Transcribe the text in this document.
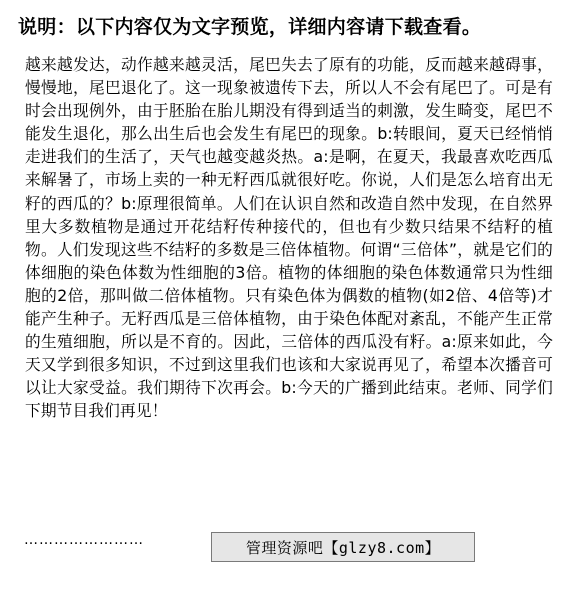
说明：以下内容仅为文字预览，详细内容请下载查看。
越来越发达，动作越来越灵活，尾巴失去了原有的功能，反而越来越碍事，慢慢地，尾巴退化了。这一现象被遗传下去，所以人不会有尾巴了。可是有时会出现例外，由于胚胎在胎儿期没有得到适当的刺激，发生畸变，尾巴不能发生退化，那么出生后也会发生有尾巴的现象。b:转眼间，夏天已经悄悄走进我们的生活了，天气也越变越炎热。a:是啊，在夏天，我最喜欢吃西瓜来解暑了，市场上卖的一种无籽西瓜就很好吃。你说，人们是怎么培育出无籽的西瓜的？b:原理很简单。人们在认识自然和改造自然中发现，在自然界里大多数植物是通过开花结籽传种接代的，但也有少数只结果不结籽的植物。人们发现这些不结籽的多数是三倍体植物。何谓“三倍体”，就是它们的体细胞的染色体数为性细胞的3倍。植物的体细胞的染色体数通常只为性细胞的2倍，那叫做二倍体植物。只有染色体为偶数的植物(如2倍、4倍等)才能产生种子。无籽西瓜是三倍体植物，由于染色体配对紊乱，不能产生正常的生殖细胞，所以是不育的。因此，三倍体的西瓜没有籽。a:原来如此，今天又学到很多知识，不过到这里我们也该和大家说再见了，希望本次播音可以让大家受益。我们期待下次再会。b:今天的广播到此结束。老师、同学们下期节目我们再见！
……………………	管理资源吧【glzy8.com】
